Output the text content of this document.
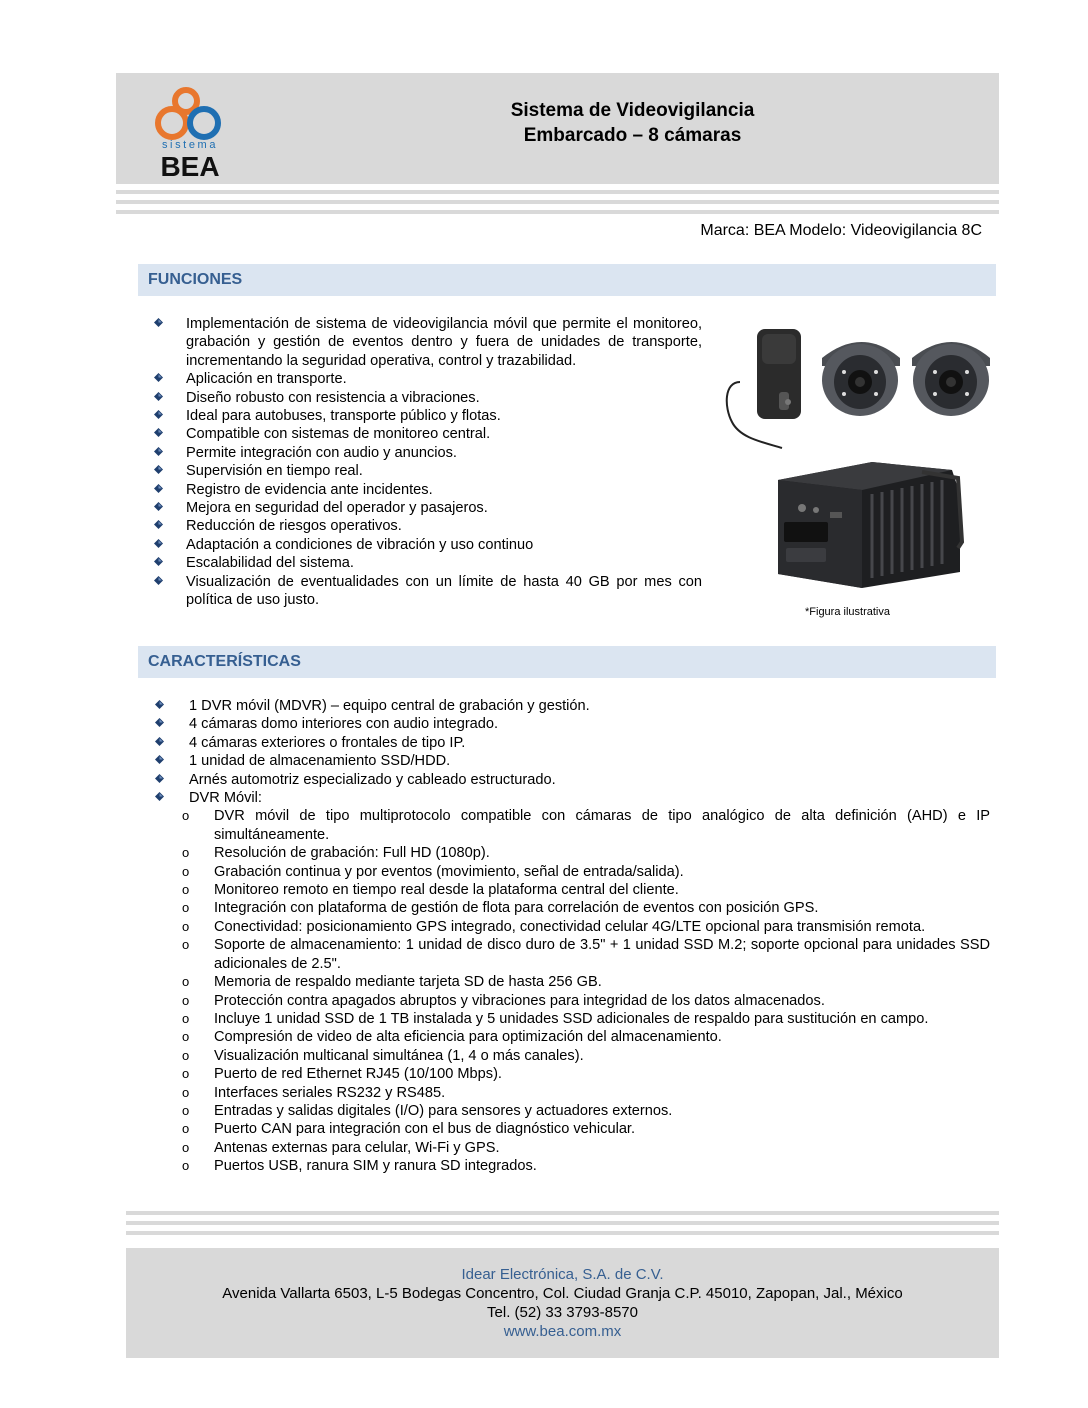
sistema
BEA
Sistema de Videovigilancia
Embarcado – 8 cámaras
Marca: BEA Modelo: Videovigilancia 8C
FUNCIONES
Implementación de sistema de videovigilancia móvil que permite el monitoreo, grabación y gestión de eventos dentro y fuera de unidades de transporte, incrementando la seguridad operativa, control y trazabilidad.
Aplicación en transporte.
Diseño robusto con resistencia a vibraciones.
Ideal para autobuses, transporte público y flotas.
Compatible con sistemas de monitoreo central.
Permite integración con audio y anuncios.
Supervisión en tiempo real.
Registro de evidencia ante incidentes.
Mejora en seguridad del operador y pasajeros.
Reducción de riesgos operativos.
Adaptación a condiciones de vibración y uso continuo
Escalabilidad del sistema.
Visualización de eventualidades con un límite de hasta 40 GB por mes con política de uso justo.
*Figura ilustrativa
CARACTERÍSTICAS
1 DVR móvil (MDVR) – equipo central de grabación y gestión.
4 cámaras domo interiores con audio integrado.
4 cámaras exteriores o frontales de tipo IP.
1 unidad de almacenamiento SSD/HDD.
Arnés automotriz especializado y cableado estructurado.
DVR Móvil:
o DVR móvil de tipo multiprotocolo compatible con cámaras de tipo analógico de alta definición (AHD) e IP simultáneamente.
o Resolución de grabación: Full HD (1080p).
o Grabación continua y por eventos (movimiento, señal de entrada/salida).
o Monitoreo remoto en tiempo real desde la plataforma central del cliente.
o Integración con plataforma de gestión de flota para correlación de eventos con posición GPS.
o Conectividad: posicionamiento GPS integrado, conectividad celular 4G/LTE opcional para transmisión remota.
o Soporte de almacenamiento: 1 unidad de disco duro de 3.5" + 1 unidad SSD M.2; soporte opcional para unidades SSD adicionales de 2.5".
o Memoria de respaldo mediante tarjeta SD de hasta 256 GB.
o Protección contra apagados abruptos y vibraciones para integridad de los datos almacenados.
o Incluye 1 unidad SSD de 1 TB instalada y 5 unidades SSD adicionales de respaldo para sustitución en campo.
o Compresión de video de alta eficiencia para optimización del almacenamiento.
o Visualización multicanal simultánea (1, 4 o más canales).
o Puerto de red Ethernet RJ45 (10/100 Mbps).
o Interfaces seriales RS232 y RS485.
o Entradas y salidas digitales (I/O) para sensores y actuadores externos.
o Puerto CAN para integración con el bus de diagnóstico vehicular.
o Antenas externas para celular, Wi-Fi y GPS.
o Puertos USB, ranura SIM y ranura SD integrados.
Idear Electrónica, S.A. de C.V.
Avenida Vallarta 6503, L-5 Bodegas Concentro, Col. Ciudad Granja C.P. 45010, Zapopan, Jal., México
Tel. (52) 33 3793-8570
www.bea.com.mx
